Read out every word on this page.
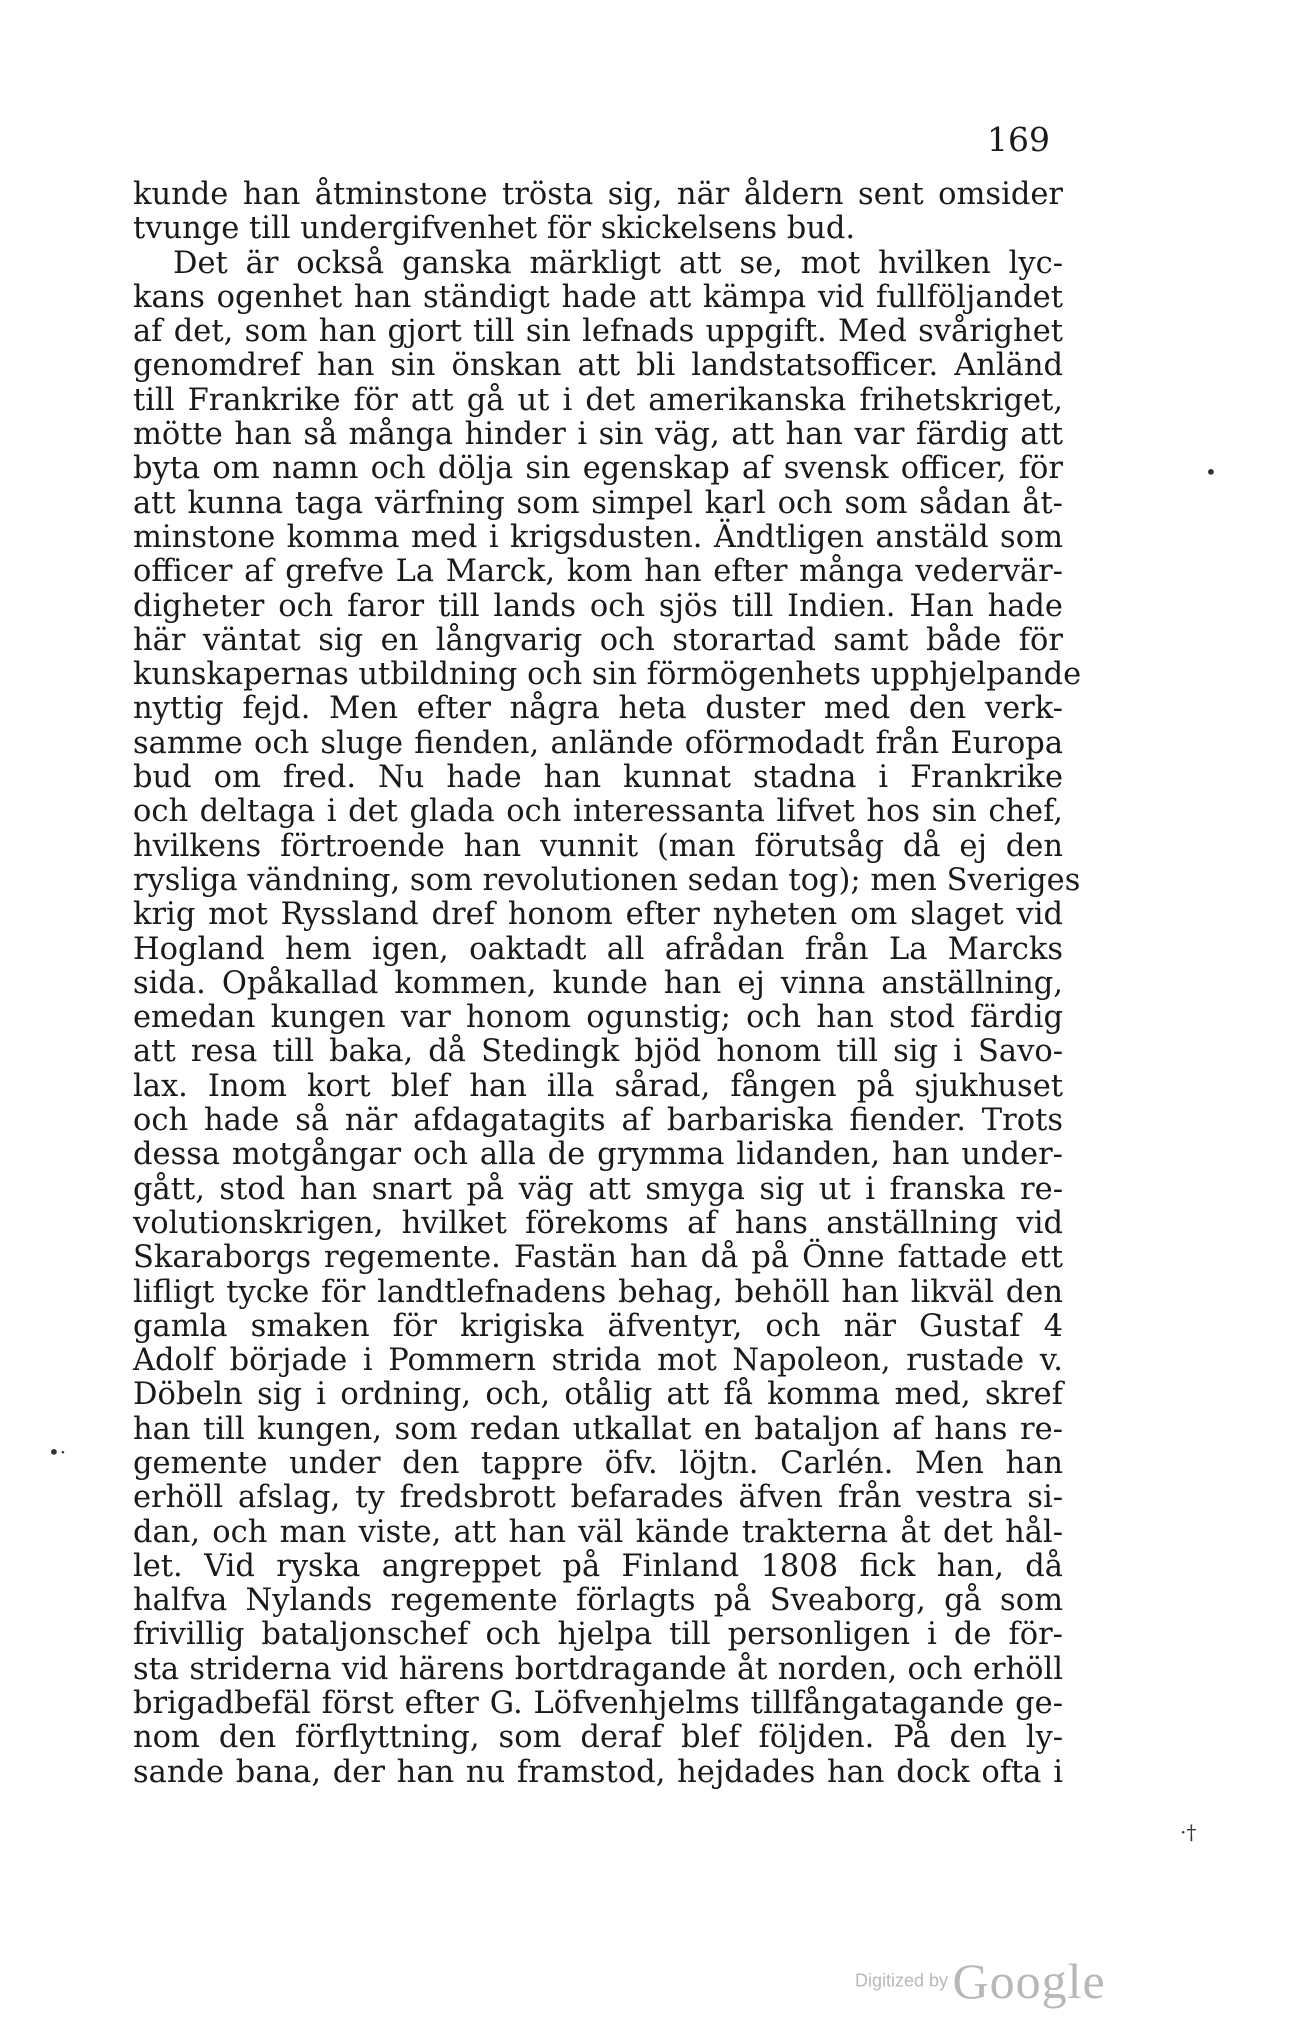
169
kunde han åtminstone trösta sig, när åldern sent omsider
tvunge till undergifvenhet för skickelsens bud.
Det är också ganska märkligt att se, mot hvilken lyc-
kans ogenhet han ständigt hade att kämpa vid fullföljandet
af det, som han gjort till sin lefnads uppgift. Med svårighet
genomdref han sin önskan att bli landstatsofficer. Anländ
till Frankrike för att gå ut i det amerikanska frihetskriget,
mötte han så många hinder i sin väg, att han var färdig att
byta om namn och dölja sin egenskap af svensk officer, för
att kunna taga värfning som simpel karl och som sådan åt-
minstone komma med i krigsdusten. Ändtligen anstäld som
officer af grefve La Marck, kom han efter många vedervär-
digheter och faror till lands och sjös till Indien. Han hade
här väntat sig en långvarig och storartad samt både för
kunskapernas utbildning och sin förmögenhets upphjelpande
nyttig fejd. Men efter några heta duster med den verk-
samme och sluge fienden, anlände oförmodadt från Europa
bud om fred. Nu hade han kunnat stadna i Frankrike
och deltaga i det glada och interessanta lifvet hos sin chef,
hvilkens förtroende han vunnit (man förutsåg då ej den
rysliga vändning, som revolutionen sedan tog); men Sveriges
krig mot Ryssland dref honom efter nyheten om slaget vid
Hogland hem igen, oaktadt all afrådan från La Marcks
sida. Opåkallad kommen, kunde han ej vinna anställning,
emedan kungen var honom ogunstig; och han stod färdig
att resa till baka, då Stedingk bjöd honom till sig i Savo-
lax. Inom kort blef han illa sårad, fången på sjukhuset
och hade så när afdagatagits af barbariska fiender. Trots
dessa motgångar och alla de grymma lidanden, han under-
gått, stod han snart på väg att smyga sig ut i franska re-
volutionskrigen, hvilket förekoms af hans anställning vid
Skaraborgs regemente. Fastän han då på Önne fattade ett
lifligt tycke för landtlefnadens behag, behöll han likväl den
gamla smaken för krigiska äfventyr, och när Gustaf 4
Adolf började i Pommern strida mot Napoleon, rustade v.
Döbeln sig i ordning, och, otålig att få komma med, skref
han till kungen, som redan utkallat en bataljon af hans re-
gemente under den tappre öfv. löjtn. Carlén. Men han
erhöll afslag, ty fredsbrott befarades äfven från vestra si-
dan, och man viste, att han väl kände trakterna åt det hål-
let. Vid ryska angreppet på Finland 1808 fick han, då
halfva Nylands regemente förlagts på Sveaborg, gå som
frivillig bataljonschef och hjelpa till personligen i de för-
sta striderna vid härens bortdragande åt norden, och erhöll
brigadbefäl först efter G. Löfvenhjelms tillfångatagande ge-
nom den förflyttning, som deraf blef följden. På den ly-
sande bana, der han nu framstod, hejdades han dock ofta i
•
•·
·†
Digitized by Google
